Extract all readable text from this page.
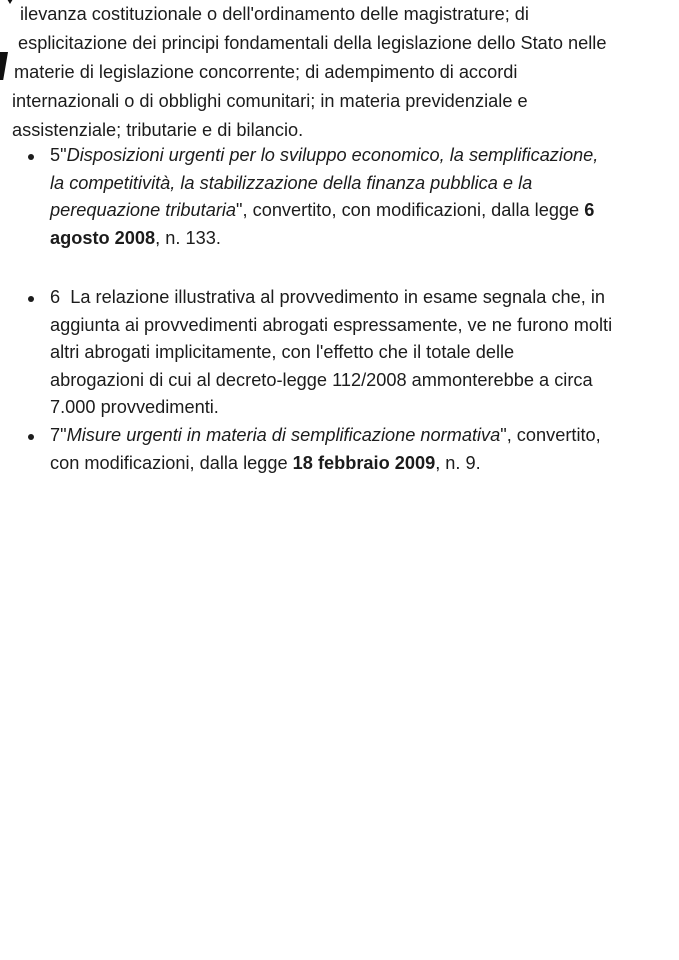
ilevanza costituzionale o dell'ordinamento delle magistrature; di
esplicitazione dei principi fondamentali della legislazione dello Stato nelle
materie di legislazione concorrente; di adempimento di accordi
internazionali o di obblighi comunitari; in materia previdenziale e
assistenziale; tributarie e di bilancio.
5"Disposizioni urgenti per lo sviluppo economico, la semplificazione,
la competitività, la stabilizzazione della finanza pubblica e la
perequazione tributaria", convertito, con modificazioni, dalla legge 6
agosto 2008, n. 133.
6 La relazione illustrativa al provvedimento in esame segnala che, in
aggiunta ai provvedimenti abrogati espressamente, ve ne furono molti
altri abrogati implicitamente, con l'effetto che il totale delle
abrogazioni di cui al decreto-legge 112/2008 ammonterebbe a circa
7.000 provvedimenti.
7"Misure urgenti in materia di semplificazione normativa", convertito,
con modificazioni, dalla legge 18 febbraio 2009, n. 9.
